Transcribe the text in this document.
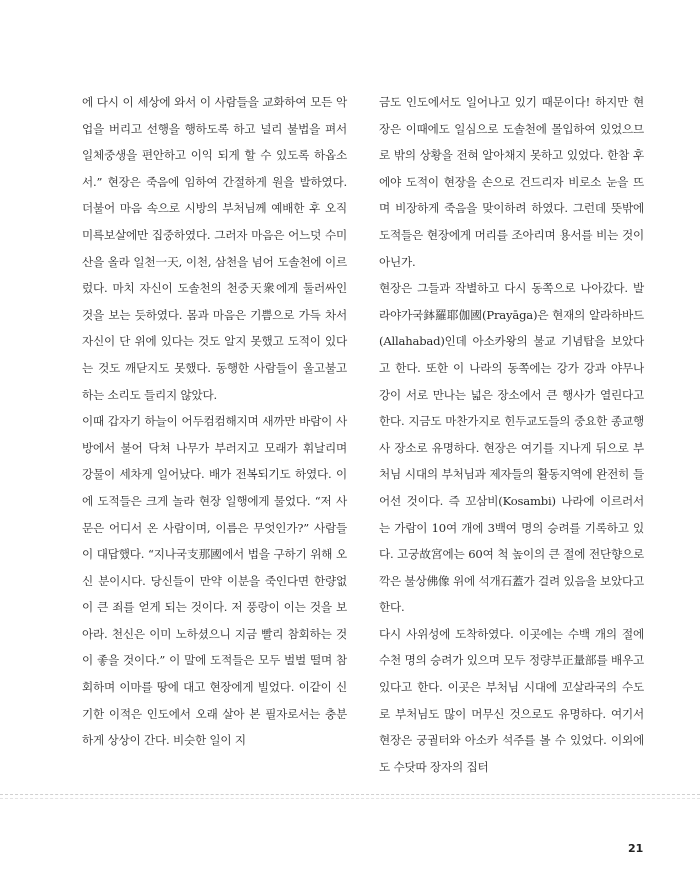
에 다시 이 세상에 와서 이 사람들을 교화하여 모든 악업을 버리고 선행을 행하도록 하고 널리 불법을 펴서 일체중생을 편안하고 이익 되게 할 수 있도록 하옵소서.” 현장은 죽음에 임하여 간절하게 원을 발하였다. 더불어 마음 속으로 시방의 부처님께 예배한 후 오직 미륵보살에만 집중하였다. 그러자 마음은 어느덧 수미산을 올라 일천一天, 이천, 삼천을 넘어 도솔천에 이르렀다. 마치 자신이 도솔천의 천중天衆에게 둘러싸인 것을 보는 듯하였다. 몸과 마음은 기쁨으로 가득 차서 자신이 단 위에 있다는 것도 알지 못했고 도적이 있다는 것도 깨닫지도 못했다. 동행한 사람들이 울고불고 하는 소리도 들리지 않았다.

이때 갑자기 하늘이 어두컴컴해지며 새까만 바람이 사방에서 불어 닥쳐 나무가 부러지고 모래가 휘날리며 강물이 세차게 일어났다. 배가 전복되기도 하였다. 이에 도적들은 크게 놀라 현장 일행에게 물었다. “저 사문은 어디서 온 사람이며, 이름은 무엇인가?” 사람들이 대답했다. “지나국支那國에서 법을 구하기 위해 오신 분이시다. 당신들이 만약 이분을 죽인다면 한량없이 큰 죄를 얻게 되는 것이다. 저 풍랑이 이는 것을 보아라. 천신은 이미 노하셨으니 지금 빨리 참회하는 것이 좋을 것이다.” 이 말에 도적들은 모두 벌벌 떨며 참회하며 이마를 땅에 대고 현장에게 빌었다. 이같이 신기한 이적은 인도에서 오래 살아 본 필자로서는 충분하게 상상이 간다. 비슷한 일이 지

금도 인도에서도 일어나고 있기 때문이다! 하지만 현장은 이때에도 일심으로 도솔천에 몰입하여 있었으므로 밖의 상황을 전혀 알아채지 못하고 있었다. 한참 후에야 도적이 현장을 손으로 건드리자 비로소 눈을 뜨며 비장하게 죽음을 맞이하려 하였다. 그런데 뜻밖에 도적들은 현장에게 머리를 조아리며 용서를 비는 것이 아닌가.

현장은 그들과 작별하고 다시 동쪽으로 나아갔다. 발라야가국鉢羅耶伽國(Prayāga)은 현재의 알라하바드(Allahabad)인데 아소카왕의 불교 기념탑을 보았다고 한다. 또한 이 나라의 동쪽에는 강가 강과 야무나 강이 서로 만나는 넓은 장소에서 큰 행사가 열린다고 한다. 지금도 마찬가지로 힌두교도들의 중요한 종교행사 장소로 유명하다. 현장은 여기를 지나게 뒤으로 부처님 시대의 부처님과 제자들의 활동지역에 완전히 들어선 것이다. 즉 꼬삼비(Kosambi) 나라에 이르러서는 가람이 10여 개에 3백여 명의 승려를 기록하고 있다. 고궁故宮에는 60여 척 높이의 큰 절에 전단향으로 깍은 불상佛像 위에 석개石蓋가 걸려 있음을 보았다고 한다.

다시 사위성에 도착하였다. 이곳에는 수백 개의 절에 수천 명의 승려가 있으며 모두 정량부正量部를 배우고 있다고 한다. 이곳은 부처님 시대에 꼬살라국의 수도로 부처님도 많이 머무신 것으로도 유명하다. 여기서 현장은 궁궐터와 아소카 석주를 볼 수 있었다. 이외에도 수닷따 장자의 집터

21
